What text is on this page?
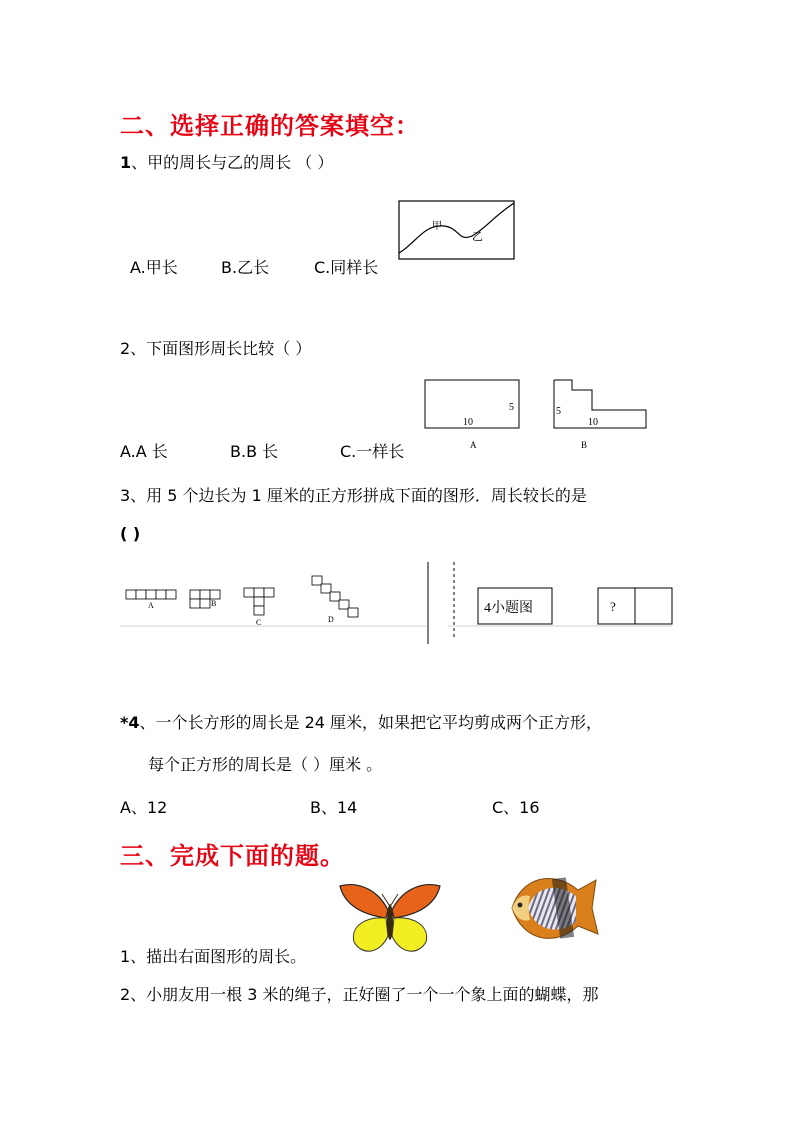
二、选择正确的答案填空：
1、甲的周长与乙的周长 （ ）
A.甲长	B.乙长	C.同样长
甲
乙
2、下面图形周长比较（ ）
10
5
A
5
10
B
A.A 长	B.B 长	C.一样长
3、用 5 个边长为 1 厘米的正方形拼成下面的图形．周长较长的是
( )
A	B
C	D
4小题图	?
*4、一个长方形的周长是 24 厘米，如果把它平均剪成两个正方形，
每个正方形的周长是（ ）厘米 。
A、12	B、14	C、16
三、完成下面的题。
1、描出右面图形的周长。
2、小朋友用一根 3 米的绳子，正好圈了一个一个象上面的蝴蝶，那
